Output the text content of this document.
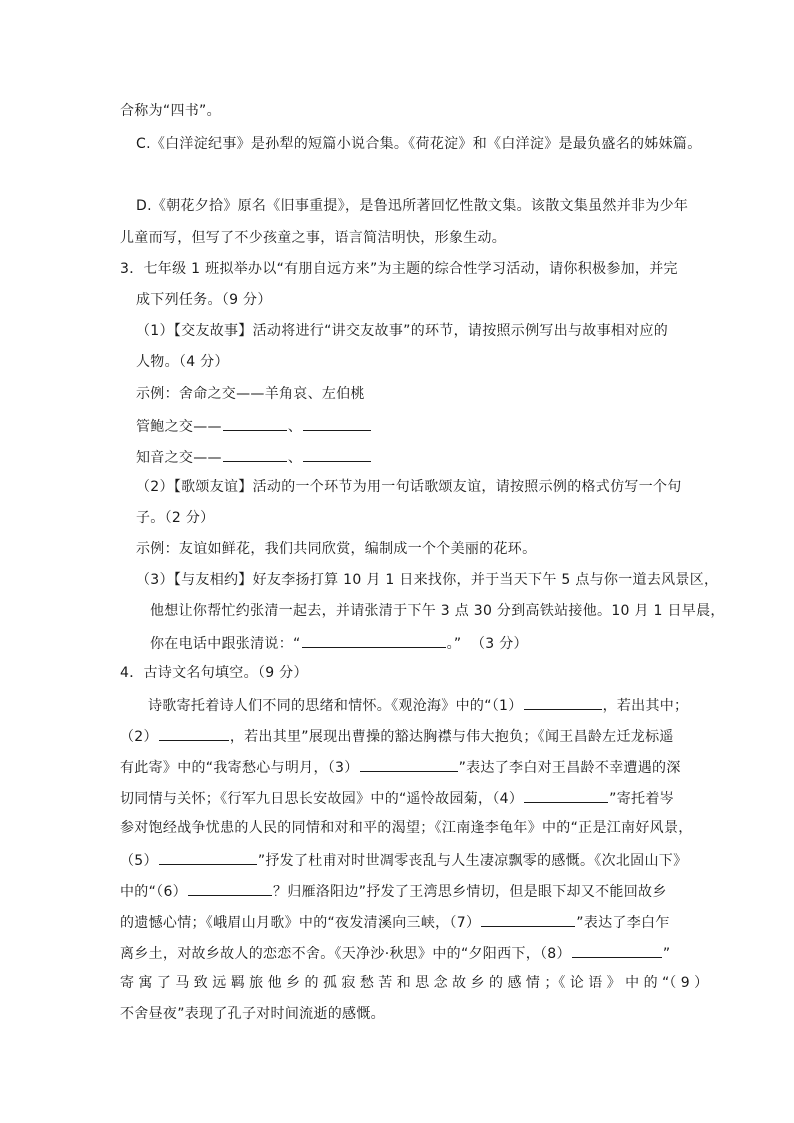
合称为“四书”。
C.《白洋淀纪事》是孙犁的短篇小说合集。《荷花淀》和《白洋淀》是最负盛名的姊妹篇。
D.《朝花夕拾》原名《旧事重提》，是鲁迅所著回忆性散文集。该散文集虽然并非为少年
儿童而写，但写了不少孩童之事，语言简洁明快，形象生动。
3．七年级 1 班拟举办以“有朋自远方来”为主题的综合性学习活动，请你积极参加，并完
成下列任务。（9 分）
（1）【交友故事】活动将进行“讲交友故事”的环节，请按照示例写出与故事相对应的
人物。（4 分）
示例：舍命之交——羊角哀、左伯桃
管鲍之交——	、
知音之交——	、
（2）【歌颂友谊】活动的一个环节为用一句话歌颂友谊，请按照示例的格式仿写一个句
子。（2 分）
示例：友谊如鲜花，我们共同欣赏，编制成一个个美丽的花环。
（3）【与友相约】好友李扬打算 10 月 1 日来找你，并于当天下午 5 点与你一道去风景区，
他想让你帮忙约张清一起去，并请张清于下午 3 点 30 分到高铁站接他。10 月 1 日早晨，
你在电话中跟张清说：“	。” （3 分）
4．古诗文名句填空。（9 分）
诗歌寄托着诗人们不同的思绪和情怀。《观沧海》中的“（1）	，若出其中；
（2）	，若出其里”展现出曹操的豁达胸襟与伟大抱负；《闻王昌龄左迁龙标遥
有此寄》中的“我寄愁心与明月，（3）	”表达了李白对王昌龄不幸遭遇的深
切同情与关怀；《行军九日思长安故园》中的“遥怜故园菊，（4）	”寄托着岑
参对饱经战争忧患的人民的同情和对和平的渴望；《江南逢李龟年》中的“正是江南好风景，
（5）	”抒发了杜甫对时世凋零丧乱与人生凄凉飘零的感慨。《次北固山下》
中的“（6）	？归雁洛阳边”抒发了王湾思乡情切，但是眼下却又不能回故乡
的遗憾心情；《峨眉山月歌》中的“夜发清溪向三峡，（7）	”表达了李白乍
离乡土，对故乡故人的恋恋不舍。《天净沙·秋思》中的“夕阳西下，（8）	”
寄 寓 了 马 致 远 羁 旅 他 乡 的 孤 寂 愁 苦 和 思 念 故 乡 的 感 情 ；《 论 语 》 中 的 “（ 9 ）
不舍昼夜”表现了孔子对时间流逝的感慨。
